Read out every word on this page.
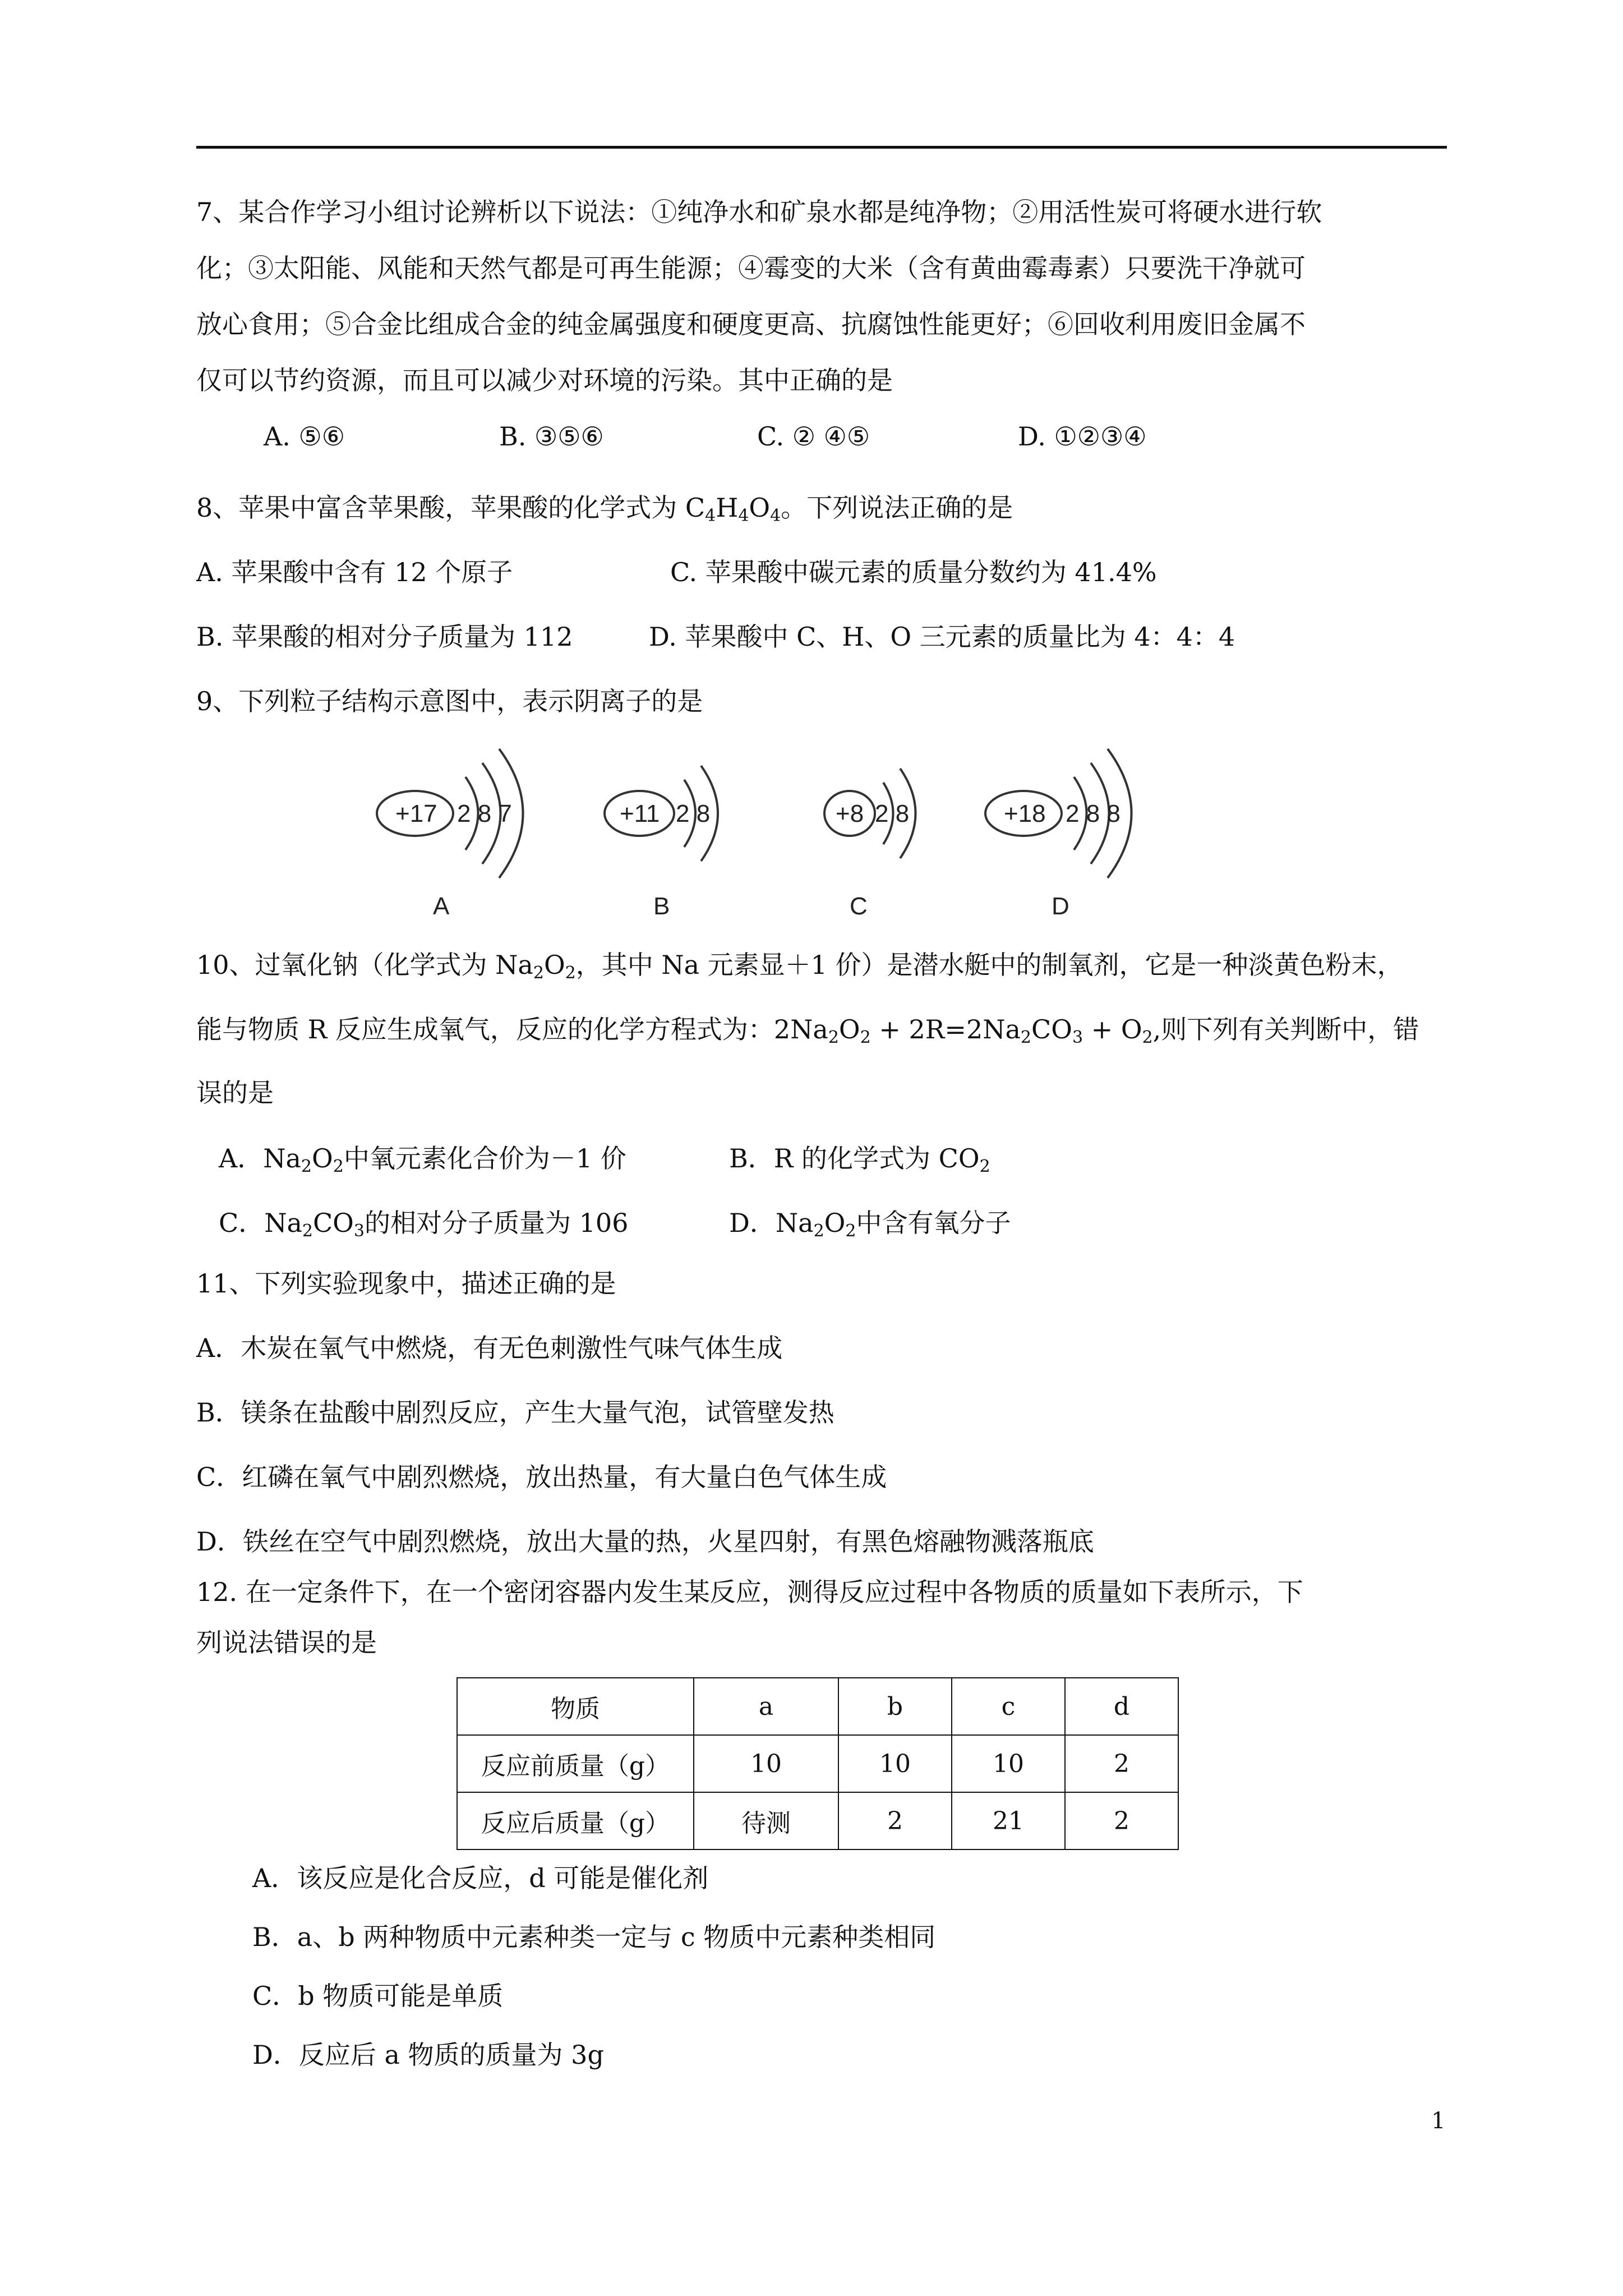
7、某合作学习小组讨论辨析以下说法：①纯净水和矿泉水都是纯净物；②用活性炭可将硬水进行软
化；③太阳能、风能和天然气都是可再生能源；④霉变的大米（含有黄曲霉毒素）只要洗干净就可
放心食用；⑤合金比组成合金的纯金属强度和硬度更高、抗腐蚀性能更好；⑥回收利用废旧金属不
仅可以节约资源，而且可以减少对环境的污染。其中正确的是
A. ⑤⑥	B. ③⑤⑥	C. ② ④⑤	D. ①②③④
8、苹果中富含苹果酸，苹果酸的化学式为 $C_4H_4O_4$。下列说法正确的是
A. 苹果酸中含有 12 个原子	C. 苹果酸中碳元素的质量分数约为 41.4%
B. 苹果酸的相对分子质量为 112	D. 苹果酸中 C、H、O 三元素的质量比为 4：4：4
9、下列粒子结构示意图中，表示阴离子的是
+17 2 8 7	+11 2 8	+8 2 8	+18 2 8 8
A	B	C	D
10、过氧化钠（化学式为 $Na_2O_2$，其中 Na 元素显＋1 价）是潜水艇中的制氧剂，它是一种淡黄色粉末，
能与物质 R 反应生成氧气，反应的化学方程式为：$2Na_2O_2 + 2R=2Na_2CO_3 + O_2$,则下列有关判断中，错
误的是
A．$Na_2O_2$中氧元素化合价为－1 价	B．R 的化学式为 $CO_2$
C．$Na_2CO_3$的相对分子质量为 106	D．$Na_2O_2$中含有氧分子
11、下列实验现象中，描述正确的是
A．木炭在氧气中燃烧，有无色刺激性气味气体生成
B．镁条在盐酸中剧烈反应，产生大量气泡，试管壁发热
C．红磷在氧气中剧烈燃烧，放出热量，有大量白色气体生成
D．铁丝在空气中剧烈燃烧，放出大量的热，火星四射，有黑色熔融物溅落瓶底
12. 在一定条件下，在一个密闭容器内发生某反应，测得反应过程中各物质的质量如下表所示，下
列说法错误的是
物质	a	b	c	d
反应前质量（g）	10	10	10	2
反应后质量（g）	待测	2	21	2
A．该反应是化合反应，d 可能是催化剂
B．a、b 两种物质中元素种类一定与 c 物质中元素种类相同
C．b 物质可能是单质
D．反应后 a 物质的质量为 3g
1
